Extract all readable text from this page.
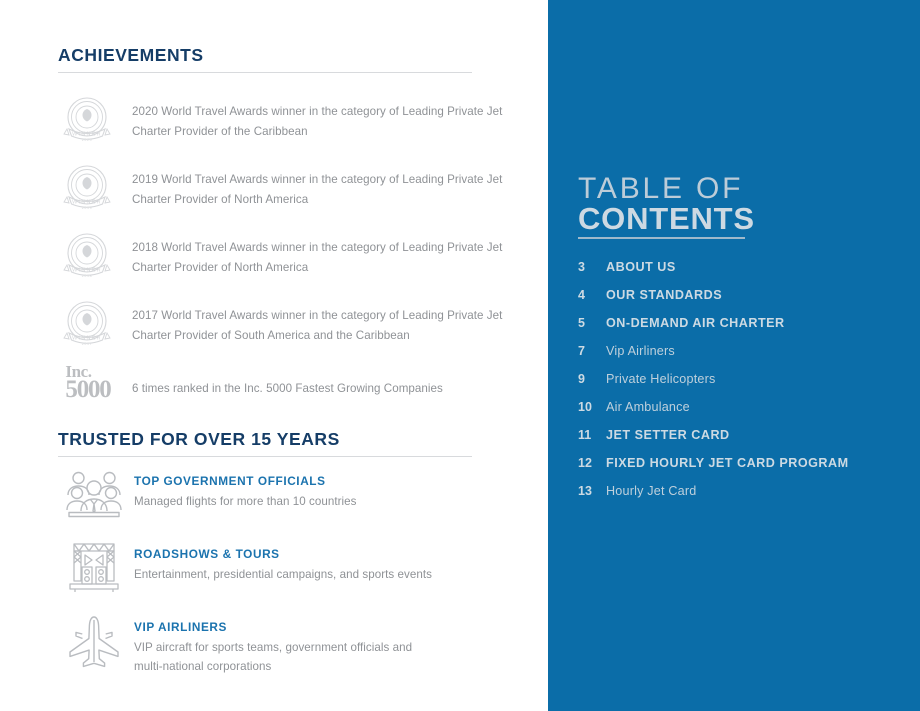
ACHIEVEMENTS
WINNER
2020
2020 World Travel Awards winner in the category of Leading Private Jet Charter Provider of the Caribbean
WINNER
2019
2019 World Travel Awards winner in the category of Leading Private Jet Charter Provider of North America
WINNER
2018
2018 World Travel Awards winner in the category of Leading Private Jet Charter Provider of North America
WINNER
2017
2017 World Travel Awards winner in the category of Leading Private Jet Charter Provider of South America and the Caribbean
Inc.
5000 6 times ranked in the Inc. 5000 Fastest Growing Companies
TRUSTED FOR OVER 15 YEARS
TOP GOVERNMENT OFFICIALS
Managed flights for more than 10 countries
ROADSHOWS & TOURS
Entertainment, presidential campaigns, and sports events
VIP AIRLINERS
VIP aircraft for sports teams, government officials and multi-national corporations
TABLE OF
CONTENTS
3	ABOUT US
4	OUR STANDARDS
5	ON-DEMAND AIR CHARTER
7	Vip Airliners
9	Private Helicopters
10	Air Ambulance
11	JET SETTER CARD
12	FIXED HOURLY JET CARD PROGRAM
13	Hourly Jet Card
